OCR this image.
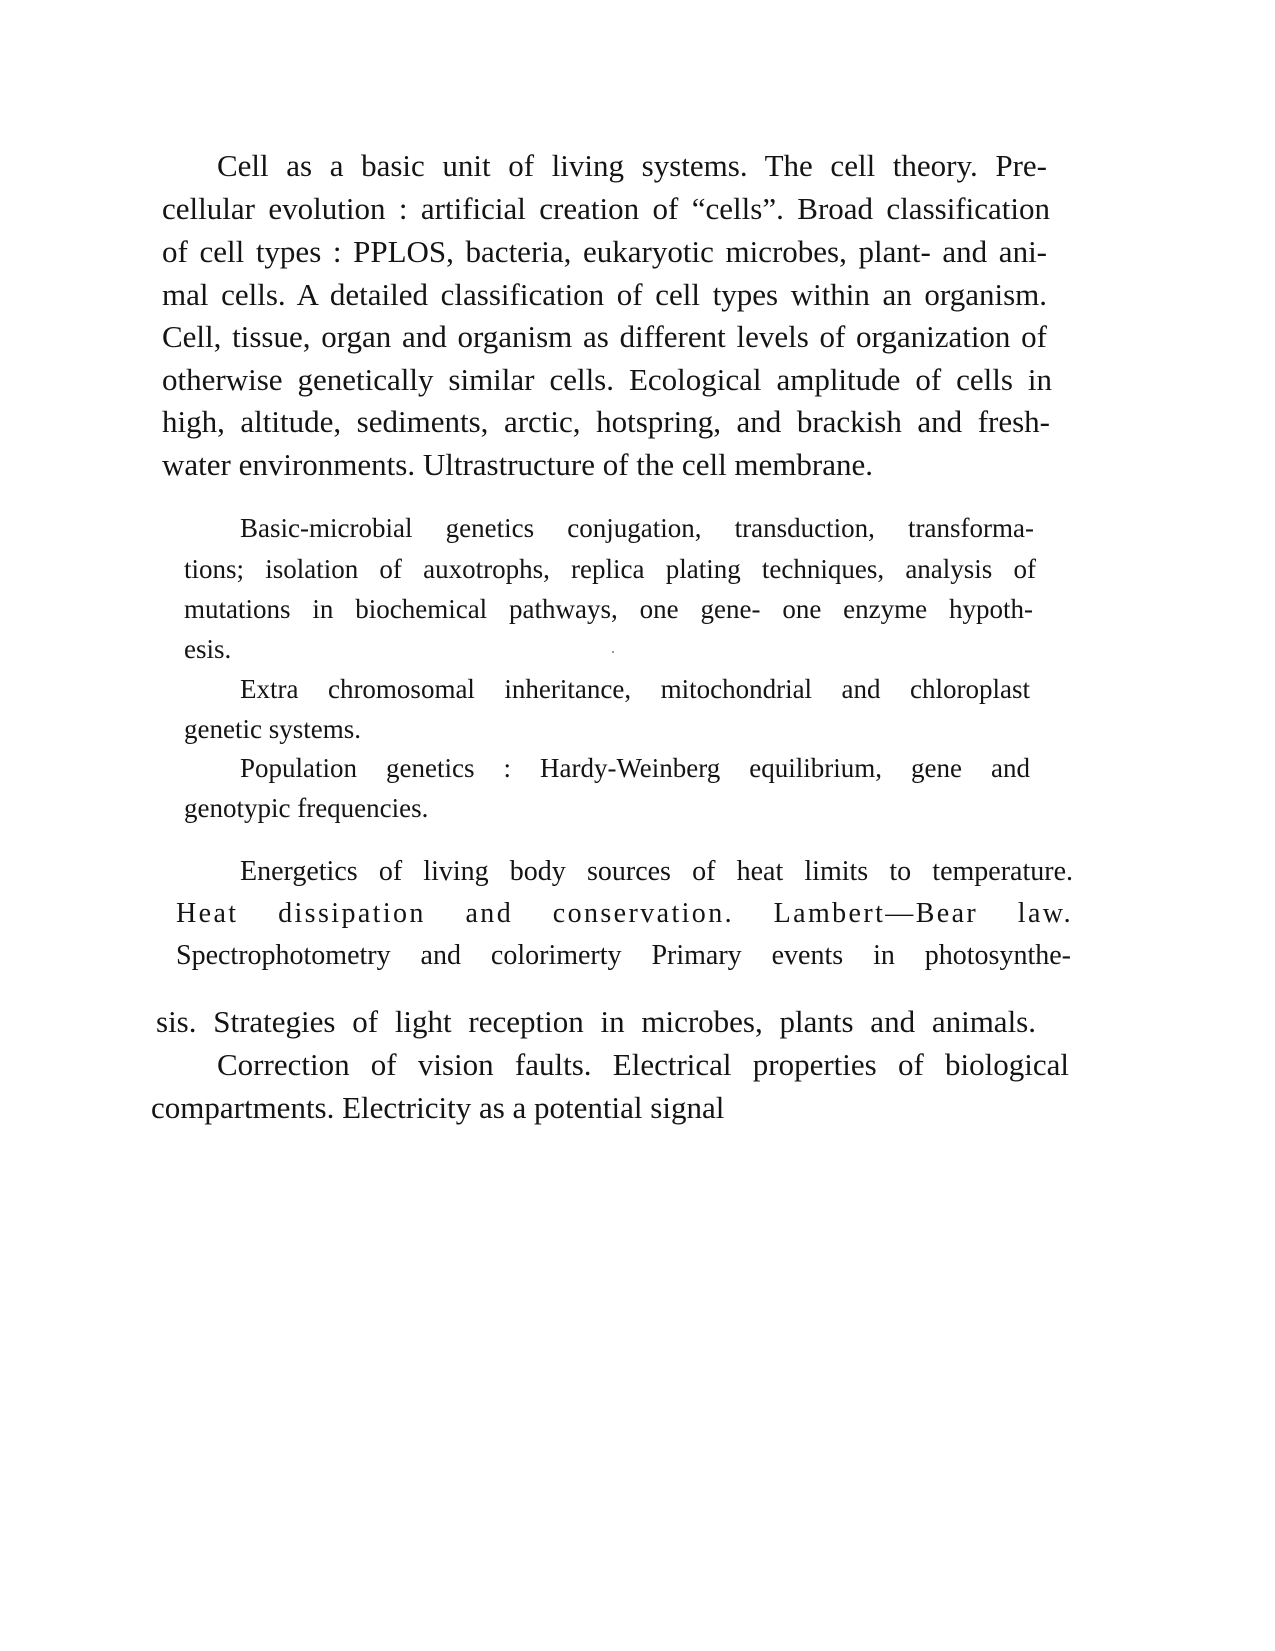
Cell as a basic unit of living systems. The cell theory. Pre-

cellular evolution : artificial creation of “cells”. Broad classification

of cell types : PPLOS, bacteria, eukaryotic microbes, plant- and ani-

mal cells. A detailed classification of cell types within an organism.

Cell, tissue, organ and organism as different levels of organization of

otherwise genetically similar cells. Ecological amplitude of cells in

high, altitude, sediments, arctic, hotspring, and brackish and fresh-

water environments. Ultrastructure of the cell membrane.

Basic-microbial genetics conjugation, transduction, transforma-

tions; isolation of auxotrophs, replica plating techniques, analysis of

mutations in biochemical pathways, one gene- one enzyme hypoth-

esis.

Extra chromosomal inheritance, mitochondrial and chloroplast

genetic systems.

Population genetics : Hardy-Weinberg equilibrium, gene and

genotypic frequencies.

Energetics of living body sources of heat limits to temperature.

Heat dissipation and conservation. Lambert—Bear law.

Spectrophotometry and colorimerty Primary events in photosynthe-

sis. Strategies of light reception in microbes, plants and animals.

Correction of vision faults. Electrical properties of biological

compartments. Electricity as a potential signal
